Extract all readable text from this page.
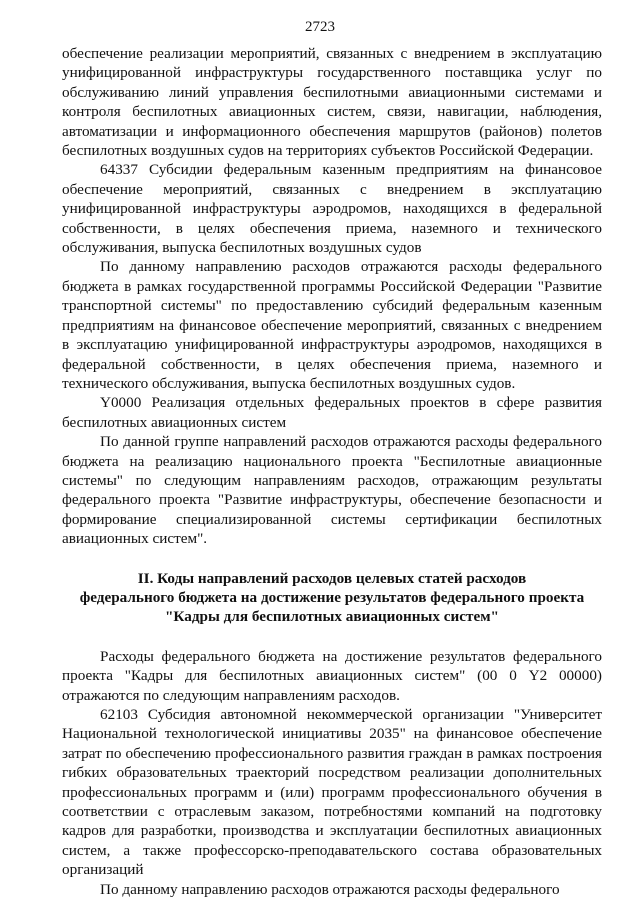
2723

обеспечение реализации мероприятий, связанных с внедрением в эксплуатацию унифицированной инфраструктуры государственного поставщика услуг по обслуживанию линий управления беспилотными авиационными системами и контроля беспилотных авиационных систем, связи, навигации, наблюдения, автоматизации и информационного обеспечения маршрутов (районов) полетов беспилотных воздушных судов на территориях субъектов Российской Федерации.

64337 Субсидии федеральным казенным предприятиям на финансовое обеспечение мероприятий, связанных с внедрением в эксплуатацию унифицированной инфраструктуры аэродромов, находящихся в федеральной собственности, в целях обеспечения приема, наземного и технического обслуживания, выпуска беспилотных воздушных судов

По данному направлению расходов отражаются расходы федерального бюджета в рамках государственной программы Российской Федерации "Развитие транспортной системы" по предоставлению субсидий федеральным казенным предприятиям на финансовое обеспечение мероприятий, связанных с внедрением в эксплуатацию унифицированной инфраструктуры аэродромов, находящихся в федеральной собственности, в целях обеспечения приема, наземного и технического обслуживания, выпуска беспилотных воздушных судов.

Y0000 Реализация отдельных федеральных проектов в сфере развития беспилотных авиационных систем

По данной группе направлений расходов отражаются расходы федерального бюджета на реализацию национального проекта "Беспилотные авиационные системы" по следующим направлениям расходов, отражающим результаты федерального проекта "Развитие инфраструктуры, обеспечение безопасности и формирование специализированной системы сертификации беспилотных авиационных систем".

II. Коды направлений расходов целевых статей расходов
федерального бюджета на достижение результатов федерального проекта
"Кадры для беспилотных авиационных систем"

Расходы федерального бюджета на достижение результатов федерального проекта "Кадры для беспилотных авиационных систем" (00 0 Y2 00000) отражаются по следующим направлениям расходов.

62103 Субсидия автономной некоммерческой организации "Университет Национальной технологической инициативы 2035" на финансовое обеспечение затрат по обеспечению профессионального развития граждан в рамках построения гибких образовательных траекторий посредством реализации дополнительных профессиональных программ и (или) программ профессионального обучения в соответствии с отраслевым заказом, потребностями компаний на подготовку кадров для разработки, производства и эксплуатации беспилотных авиационных систем, а также профессорско-преподавательского состава образовательных организаций

По данному направлению расходов отражаются расходы федерального
